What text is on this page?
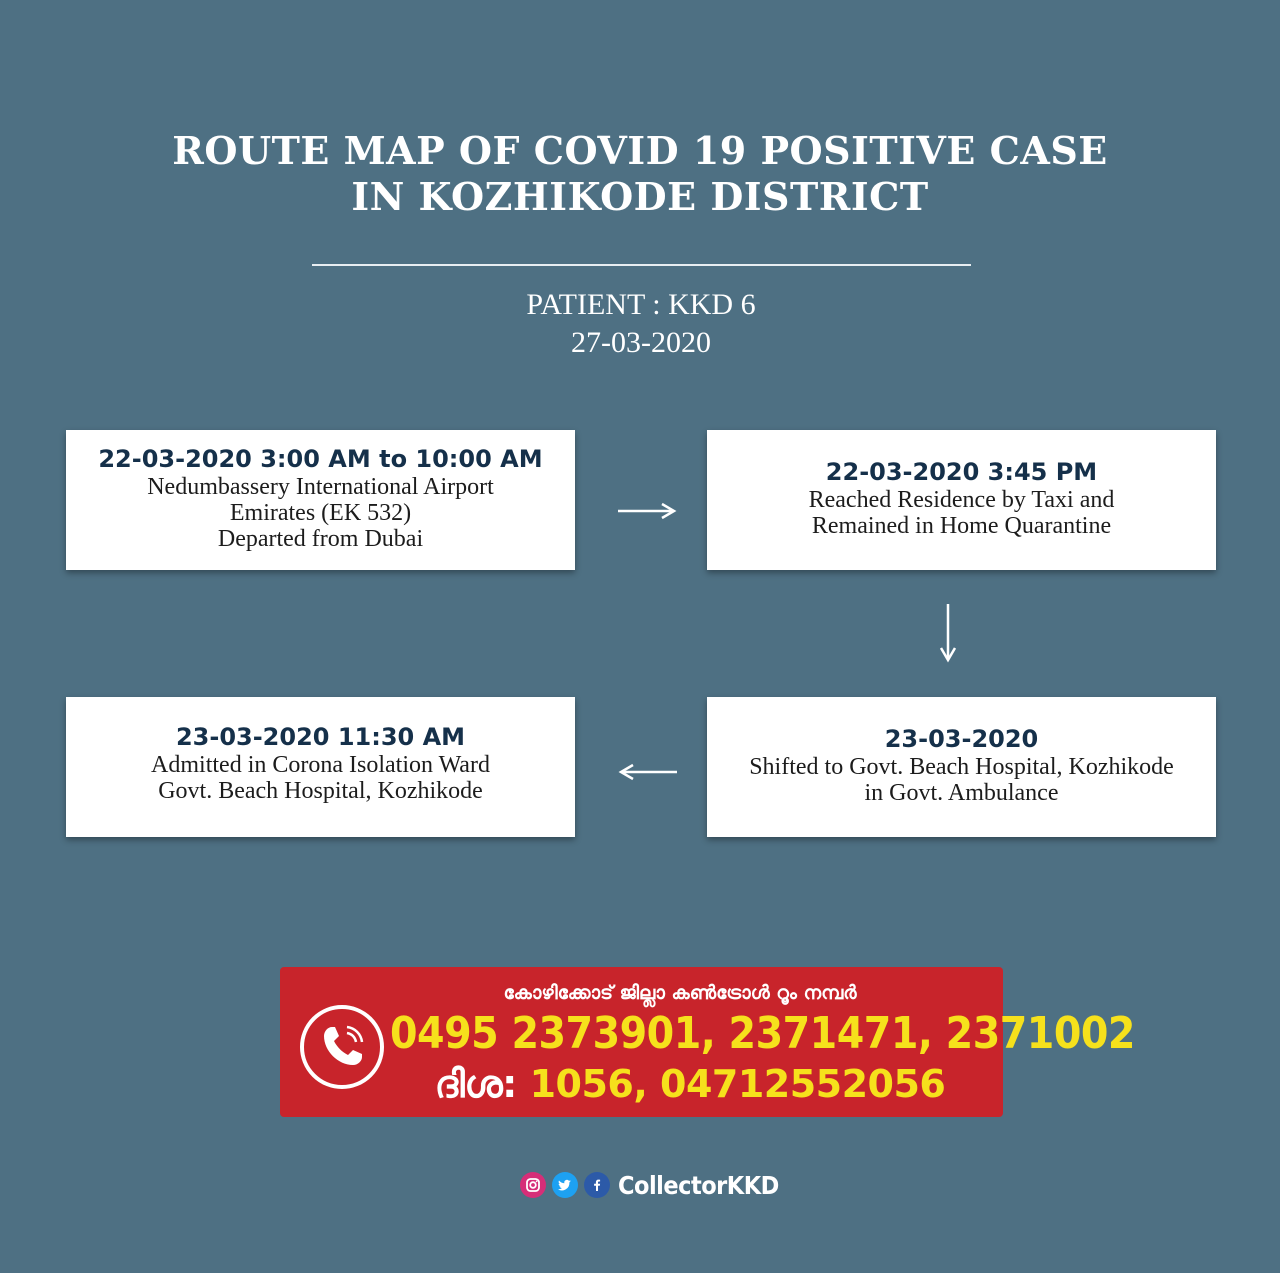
ROUTE MAP OF COVID 19 POSITIVE CASE
IN KOZHIKODE DISTRICT
PATIENT : KKD 6
27-03-2020
22-03-2020 3:00 AM to 10:00 AM
Nedumbassery International Airport
Emirates (EK 532)
Departed from Dubai
22-03-2020 3:45 PM
Reached Residence by Taxi and
Remained in Home Quarantine
23-03-2020
Shifted to Govt. Beach Hospital, Kozhikode
in Govt. Ambulance
23-03-2020 11:30 AM
Admitted in Corona Isolation Ward
Govt. Beach Hospital, Kozhikode
കോഴിക്കോട് ജില്ലാ കൺട്രോൾ റൂം നമ്പർ
0495 2373901, 2371471, 2371002
ദിശ: 1056, 04712552056
CollectorKKD
